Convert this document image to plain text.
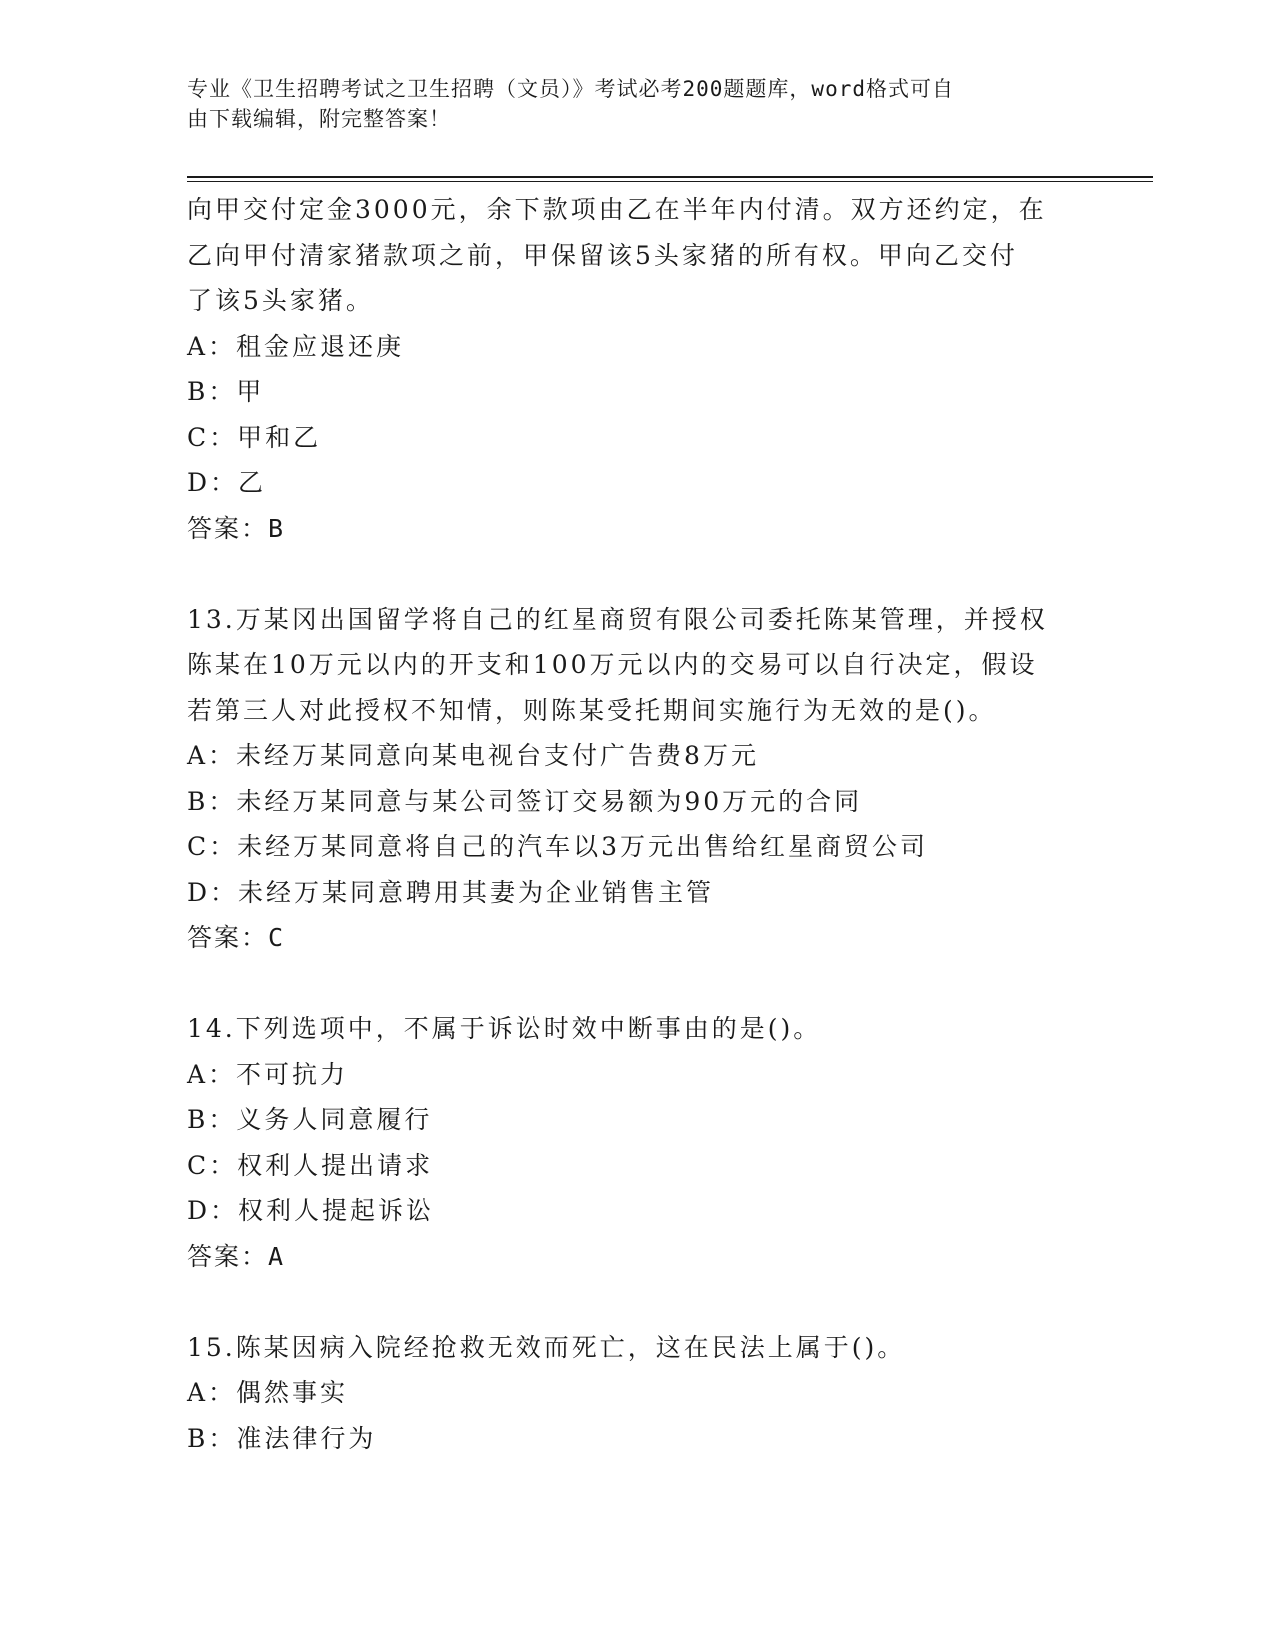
专业《卫生招聘考试之卫生招聘（文员）》考试必考200题题库，word格式可自
由下载编辑，附完整答案！
向甲交付定金3000元，余下款项由乙在半年内付清。双方还约定，在
乙向甲付清家猪款项之前，甲保留该5头家猪的所有权。甲向乙交付
了该5头家猪。
A：租金应退还庚
B：甲
C：甲和乙
D：乙
答案：B
13.万某冈出国留学将自己的红星商贸有限公司委托陈某管理，并授权
陈某在10万元以内的开支和100万元以内的交易可以自行决定，假设
若第三人对此授权不知情，则陈某受托期间实施行为无效的是()。
A：未经万某同意向某电视台支付广告费8万元
B：未经万某同意与某公司签订交易额为90万元的合同
C：未经万某同意将自己的汽车以3万元出售给红星商贸公司
D：未经万某同意聘用其妻为企业销售主管
答案：C
14.下列选项中，不属于诉讼时效中断事由的是()。
A：不可抗力
B：义务人同意履行
C：权利人提出请求
D：权利人提起诉讼
答案：A
15.陈某因病入院经抢救无效而死亡，这在民法上属于()。
A：偶然事实
B：准法律行为
